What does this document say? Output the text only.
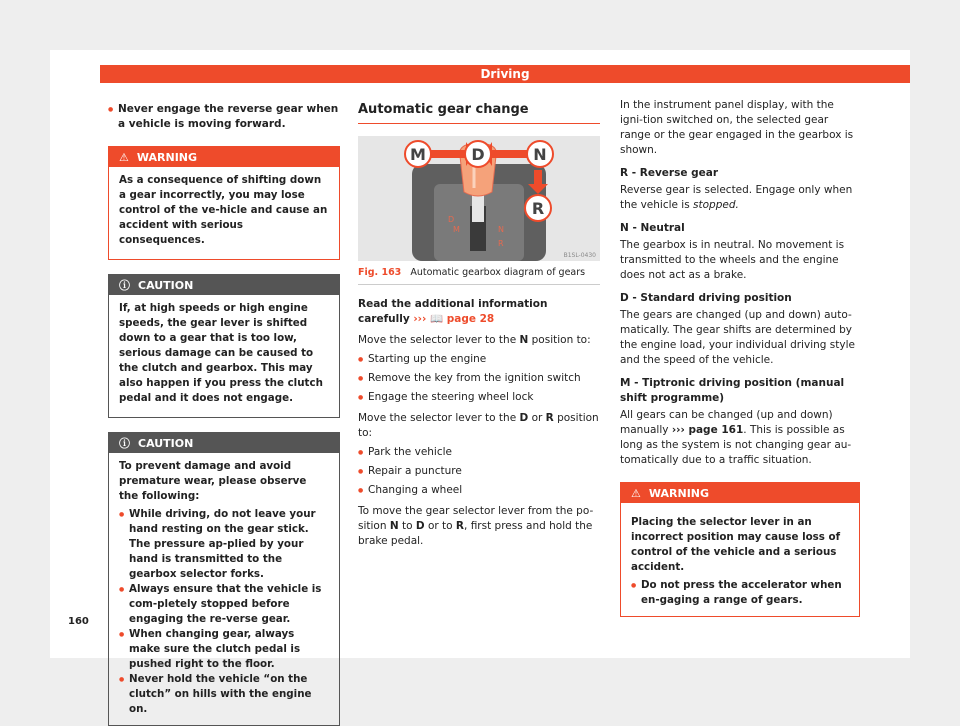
Driving
● Never engage the reverse gear when a vehicle is moving forward.
⚠ WARNING

As a consequence of shifting down a gear incorrectly, you may lose control of the ve-hicle and cause an accident with serious consequences.

ⓘ CAUTION

If, at high speeds or high engine speeds, the gear lever is shifted down to a gear that is too low, serious damage can be caused to the clutch and gearbox. This may also happen if you press the clutch pedal and it does not engage.

ⓘ CAUTION

To prevent damage and avoid premature wear, please observe the following:

● While driving, do not leave your hand resting on the gear stick. The pressure ap-plied by your hand is transmitted to the gearbox selector forks.
● Always ensure that the vehicle is com-pletely stopped before engaging the re-verse gear.
● When changing gear, always make sure the clutch pedal is pushed right to the floor.
● Never hold the vehicle “on the clutch” on hills with the engine on.
Automatic gear change
D
M	N
R
M	D	N
R
B1SL-0430
Fig. 163 Automatic gearbox diagram of gears

Read the additional information carefully ››› 📖 page 28

Move the selector lever to the N position to:

● Starting up the engine
● Remove the key from the ignition switch
● Engage the steering wheel lock

Move the selector lever to the D or R position to:

● Park the vehicle
● Repair a puncture
● Changing a wheel

To move the gear selector lever from the po-sition N to D or to R, first press and hold the brake pedal.

In the instrument panel display, with the igni-tion switched on, the selected gear range or the gear engaged in the gearbox is shown.

R - Reverse gear

Reverse gear is selected. Engage only when the vehicle is stopped.

N - Neutral

The gearbox is in neutral. No movement is transmitted to the wheels and the engine does not act as a brake.

D - Standard driving position

The gears are changed (up and down) auto-matically. The gear shifts are determined by the engine load, your individual driving style and the speed of the vehicle.

M - Tiptronic driving position (manual shift programme)

All gears can be changed (up and down) manually ››› page 161. This is possible as long as the system is not changing gear au-tomatically due to a traffic situation.

⚠ WARNING

Placing the selector lever in an incorrect position may cause loss of control of the vehicle and a serious accident.

● Do not press the accelerator when en-gaging a range of gears.
160
